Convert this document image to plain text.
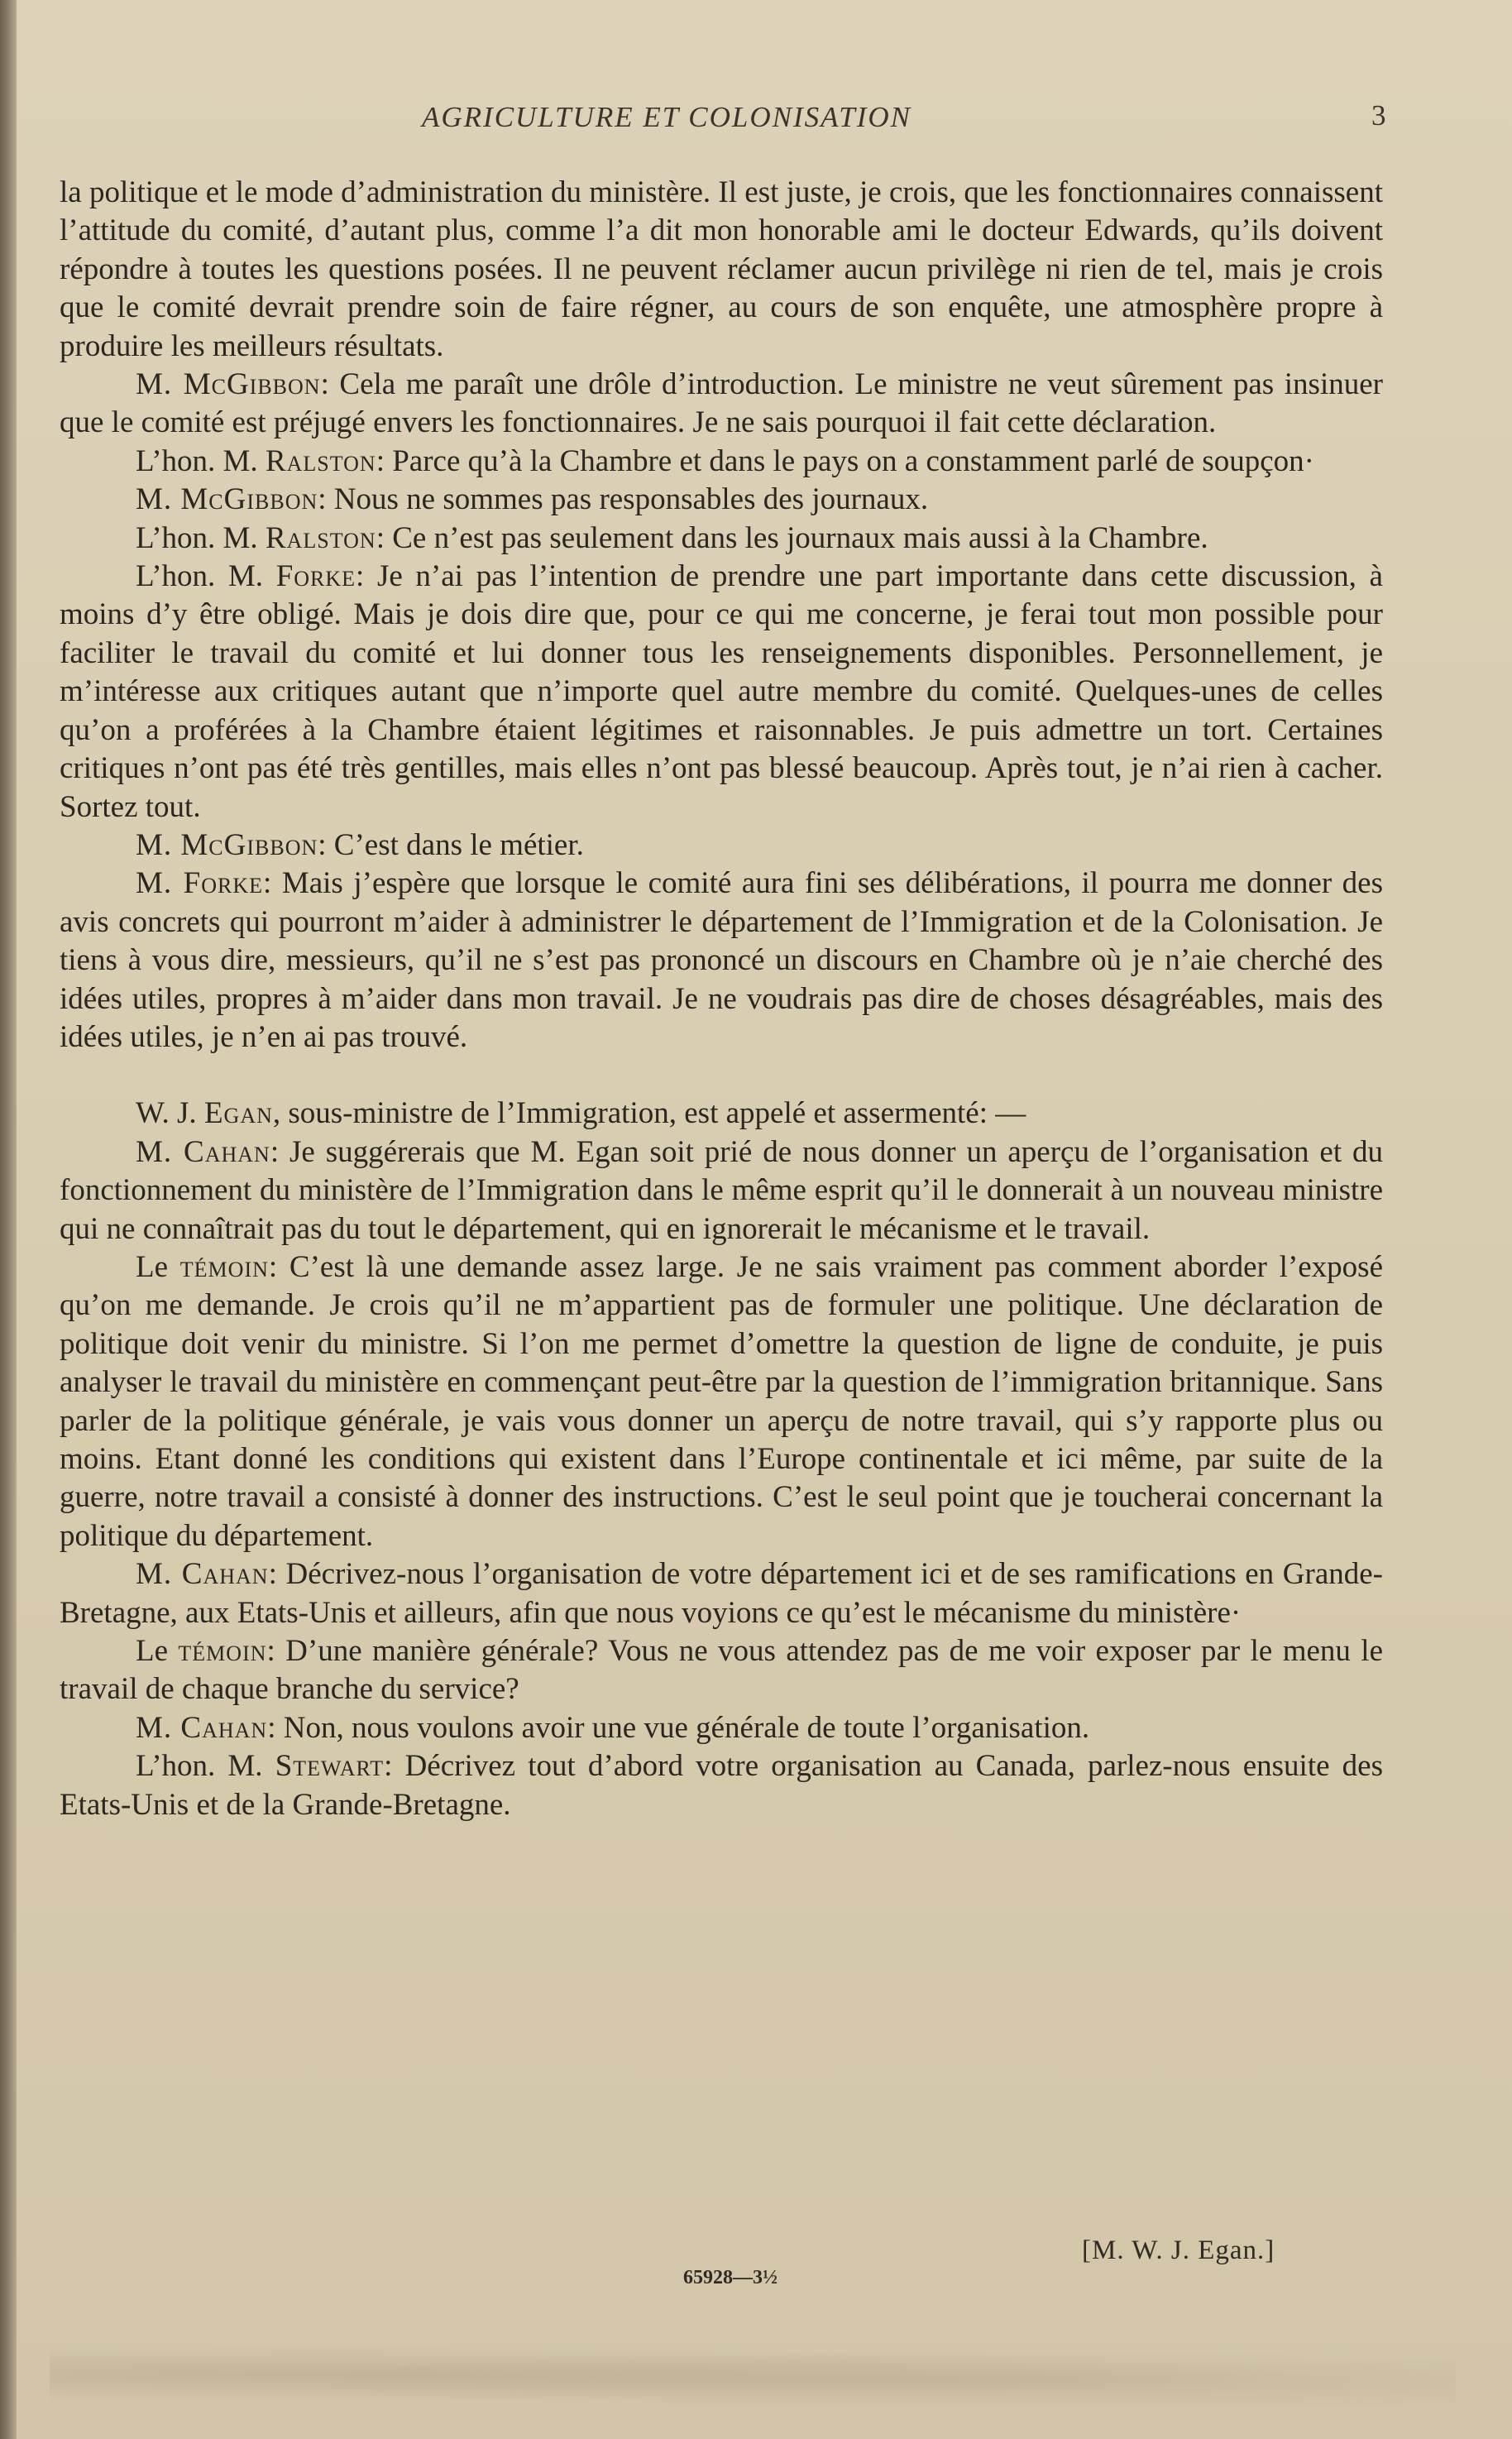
AGRICULTURE ET COLONISATION	3

la politique et le mode d’administration du ministère. Il est juste, je crois, que les fonctionnaires connaissent l’attitude du comité, d’autant plus, comme l’a dit mon honorable ami le docteur Edwards, qu’ils doivent répondre à toutes les questions posées. Il ne peuvent réclamer aucun privilège ni rien de tel, mais je crois que le comité devrait prendre soin de faire régner, au cours de son enquête, une atmosphère propre à produire les meilleurs résultats.

M. McGibbon: Cela me paraît une drôle d’introduction. Le ministre ne veut sûrement pas insinuer que le comité est préjugé envers les fonctionnaires. Je ne sais pourquoi il fait cette déclaration.

L’hon. M. Ralston: Parce qu’à la Chambre et dans le pays on a constamment parlé de soupçon·

M. McGibbon: Nous ne sommes pas responsables des journaux.

L’hon. M. Ralston: Ce n’est pas seulement dans les journaux mais aussi à la Chambre.

L’hon. M. Forke: Je n’ai pas l’intention de prendre une part importante dans cette discussion, à moins d’y être obligé. Mais je dois dire que, pour ce qui me concerne, je ferai tout mon possible pour faciliter le travail du comité et lui donner tous les renseignements disponibles. Personnellement, je m’intéresse aux critiques autant que n’importe quel autre membre du comité. Quelques-unes de celles qu’on a proférées à la Chambre étaient légitimes et raisonnables. Je puis admettre un tort. Certaines critiques n’ont pas été très gentilles, mais elles n’ont pas blessé beaucoup. Après tout, je n’ai rien à cacher. Sortez tout.

M. McGibbon: C’est dans le métier.

M. Forke: Mais j’espère que lorsque le comité aura fini ses délibérations, il pourra me donner des avis concrets qui pourront m’aider à administrer le département de l’Immigration et de la Colonisation. Je tiens à vous dire, messieurs, qu’il ne s’est pas prononcé un discours en Chambre où je n’aie cherché des idées utiles, propres à m’aider dans mon travail. Je ne voudrais pas dire de choses désagréables, mais des idées utiles, je n’en ai pas trouvé.

W. J. Egan, sous-ministre de l’Immigration, est appelé et assermenté: —

M. Cahan: Je suggérerais que M. Egan soit prié de nous donner un aperçu de l’organisation et du fonctionnement du ministère de l’Immigration dans le même esprit qu’il le donnerait à un nouveau ministre qui ne connaîtrait pas du tout le département, qui en ignorerait le mécanisme et le travail.

Le témoin: C’est là une demande assez large. Je ne sais vraiment pas comment aborder l’exposé qu’on me demande. Je crois qu’il ne m’appartient pas de formuler une politique. Une déclaration de politique doit venir du ministre. Si l’on me permet d’omettre la question de ligne de conduite, je puis analyser le travail du ministère en commençant peut-être par la question de l’immigration britannique. Sans parler de la politique générale, je vais vous donner un aperçu de notre travail, qui s’y rapporte plus ou moins. Etant donné les conditions qui existent dans l’Europe continentale et ici même, par suite de la guerre, notre travail a consisté à donner des instructions. C’est le seul point que je toucherai concernant la politique du département.

M. Cahan: Décrivez-nous l’organisation de votre département ici et de ses ramifications en Grande-Bretagne, aux Etats-Unis et ailleurs, afin que nous voyions ce qu’est le mécanisme du ministère·

Le témoin: D’une manière générale? Vous ne vous attendez pas de me voir exposer par le menu le travail de chaque branche du service?

M. Cahan: Non, nous voulons avoir une vue générale de toute l’organisation.

L’hon. M. Stewart: Décrivez tout d’abord votre organisation au Canada, parlez-nous ensuite des Etats-Unis et de la Grande-Bretagne.

[M. W. J. Egan.]
65928—3½
